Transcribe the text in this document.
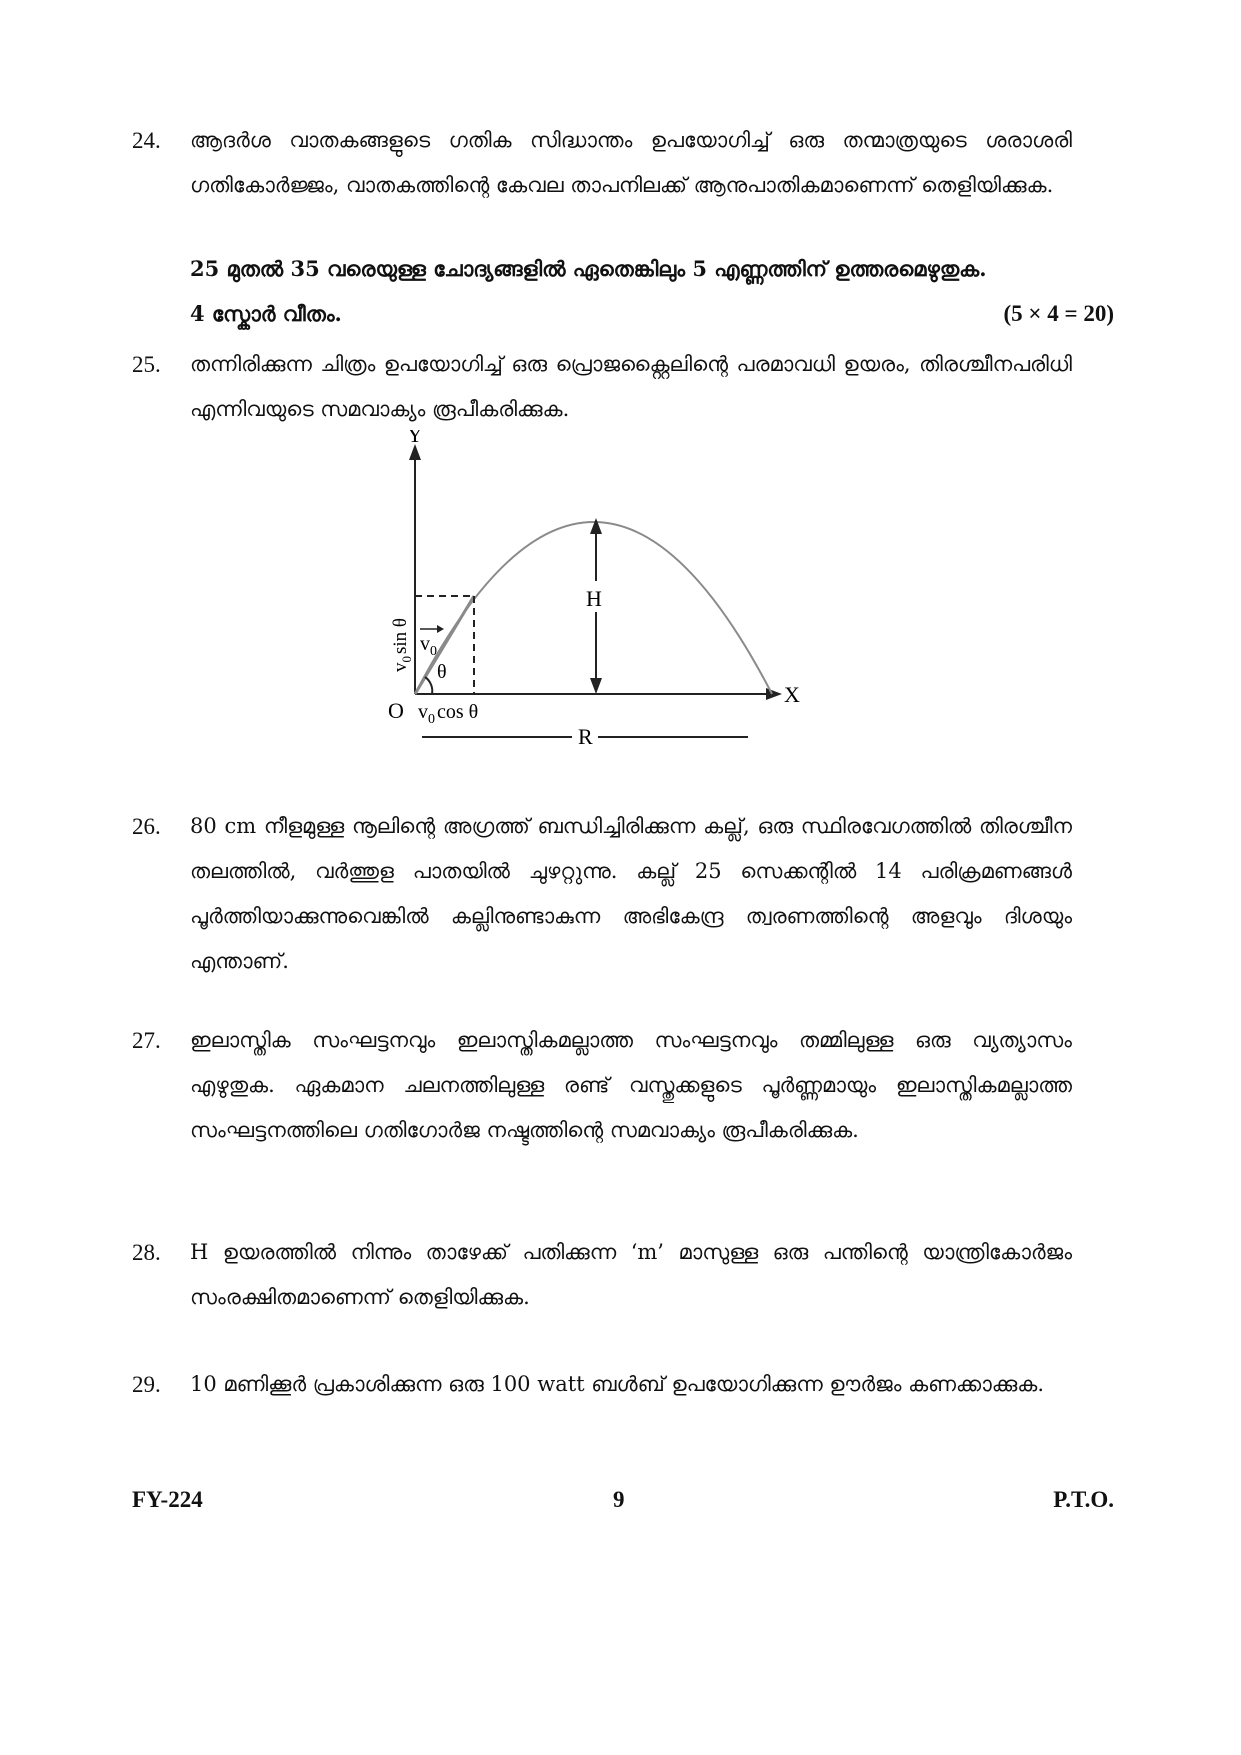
24. ആദർശ വാതകങ്ങളുടെ ഗതിക സിദ്ധാന്തം ഉപയോഗിച്ച് ഒരു തന്മാത്രയുടെ ശരാശരി ഗതികോർജ്ജം, വാതകത്തിന്റെ കേവല താപനിലക്ക് ആനുപാതികമാണെന്ന് തെളിയിക്കുക.
25 മുതൽ 35 വരെയുള്ള ചോദ്യങ്ങളിൽ ഏതെങ്കിലും 5 എണ്ണത്തിന് ഉത്തരമെഴുതുക.
4 സ്കോർ വീതം.	(5 × 4 = 20)
25. തന്നിരിക്കുന്ന ചിത്രം ഉപയോഗിച്ച് ഒരു പ്രൊജക്റ്റൈലിന്റെ പരമാവധി ഉയരം, തിരശ്ചീനപരിധി എന്നിവയുടെ സമവാക്യം രൂപീകരിക്കുക.
Y
X
O
θ
$v_0$
$v_0\sin$ θ
$v_0$ cos θ
H
R
26. 80 cm നീളമുള്ള നൂലിന്റെ അഗ്രത്ത് ബന്ധിച്ചിരിക്കുന്ന കല്ല്, ഒരു സ്ഥിരവേഗത്തിൽ തിരശ്ചീന തലത്തിൽ, വർത്തുള പാതയിൽ ചുഴറ്റുന്നു. കല്ല് 25 സെക്കന്റിൽ 14 പരിക്രമണങ്ങൾ പൂർത്തിയാക്കുന്നുവെങ്കിൽ കല്ലിനുണ്ടാകുന്ന അഭികേന്ദ്ര ത്വരണത്തിന്റെ അളവും ദിശയും എന്താണ്.
27. ഇലാസ്തിക സംഘട്ടനവും ഇലാസ്തികമല്ലാത്ത സംഘട്ടനവും തമ്മിലുള്ള ഒരു വ്യത്യാസം എഴുതുക. ഏകമാന ചലനത്തിലുള്ള രണ്ട് വസ്തുക്കളുടെ പൂർണ്ണമായും ഇലാസ്തികമല്ലാത്ത സംഘട്ടനത്തിലെ ഗതിഗോർജ നഷ്ടത്തിന്റെ സമവാക്യം രൂപീകരിക്കുക.
28. H ഉയരത്തിൽ നിന്നും താഴേക്ക് പതിക്കുന്ന ‘m’ മാസുള്ള ഒരു പന്തിന്റെ യാന്ത്രികോർജം സംരക്ഷിതമാണെന്ന് തെളിയിക്കുക.
29. 10 മണിക്കൂർ പ്രകാശിക്കുന്ന ഒരു 100 watt ബൾബ് ഉപയോഗിക്കുന്ന ഊർജം കണക്കാക്കുക.
FY-224	9	P.T.O.
